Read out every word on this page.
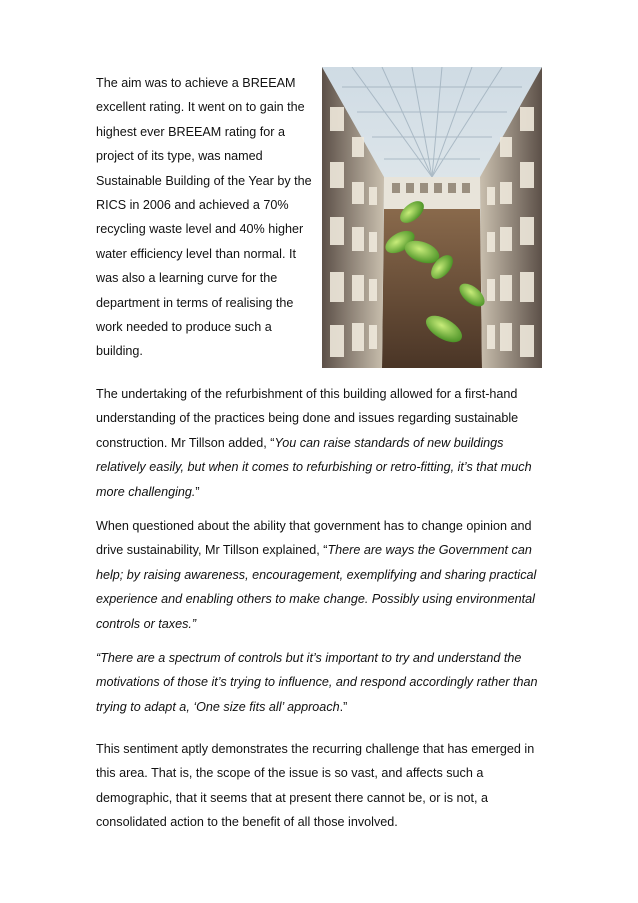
The aim was to achieve a BREEAM excellent rating. It went on to gain the highest ever BREEAM rating for a project of its type, was named Sustainable Building of the Year by the RICS in 2006 and achieved a 70% recycling waste level and 40% higher water efficiency level than normal. It was also a learning curve for the department in terms of realising the work needed to produce such a building.

The undertaking of the refurbishment of this building allowed for a first-hand understanding of the practices being done and issues regarding sustainable construction. Mr Tillson added, “You can raise standards of new buildings relatively easily, but when it comes to refurbishing or retro-fitting, it’s that much more challenging.”

When questioned about the ability that government has to change opinion and drive sustainability, Mr Tillson explained, “There are ways the Government can help; by raising awareness, encouragement, exemplifying and sharing practical experience and enabling others to make change. Possibly using environmental controls or taxes.”

“There are a spectrum of controls but it’s important to try and understand the motivations of those it’s trying to influence, and respond accordingly rather than trying to adapt a, ‘One size fits all’ approach.”

This sentiment aptly demonstrates the recurring challenge that has emerged in this area. That is, the scope of the issue is so vast, and affects such a demographic, that it seems that at present there cannot be, or is not, a consolidated action to the benefit of all those involved.
